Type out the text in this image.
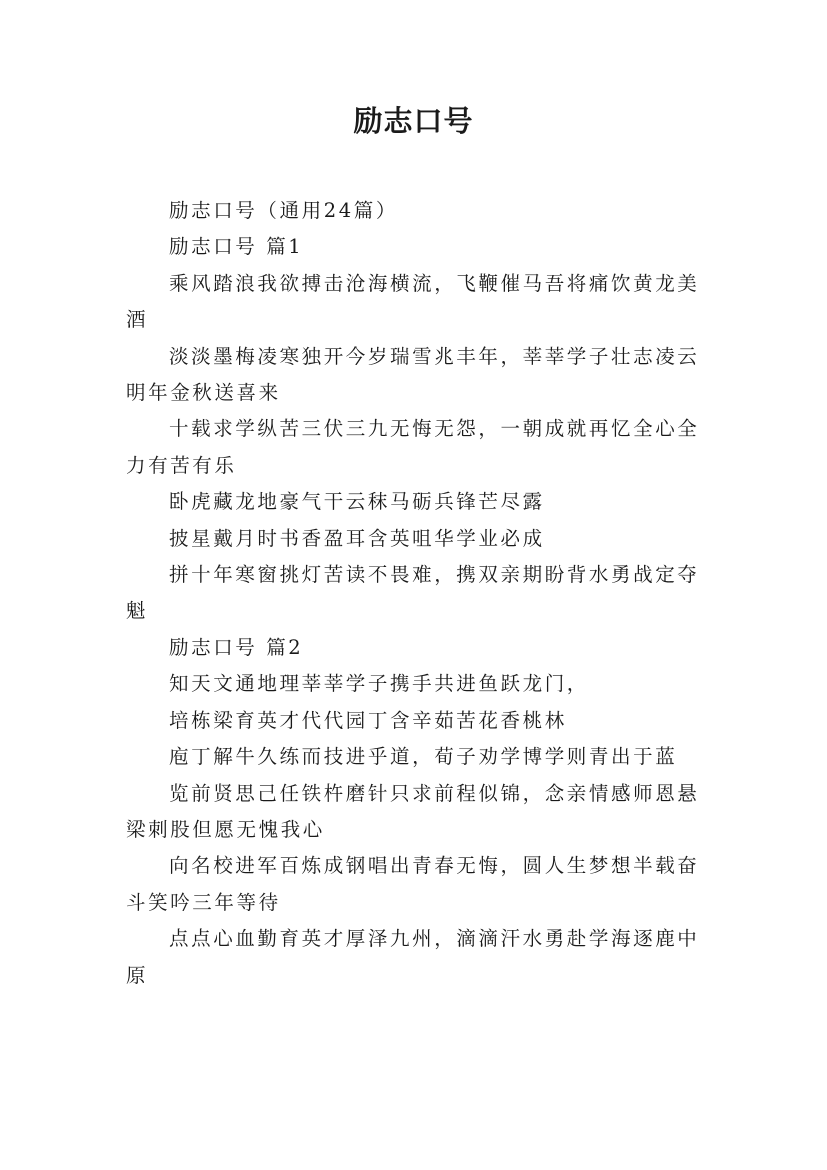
励志口号

励志口号（通用24篇）

励志口号 篇1

乘风踏浪我欲搏击沧海横流，飞鞭催马吾将痛饮黄龙美酒

淡淡墨梅凌寒独开今岁瑞雪兆丰年，莘莘学子壮志凌云明年金秋送喜来

十载求学纵苦三伏三九无悔无怨，一朝成就再忆全心全力有苦有乐

卧虎藏龙地豪气干云秣马砺兵锋芒尽露

披星戴月时书香盈耳含英咀华学业必成

拼十年寒窗挑灯苦读不畏难，携双亲期盼背水勇战定夺魁

励志口号 篇2

知天文通地理莘莘学子携手共进鱼跃龙门，

培栋梁育英才代代园丁含辛茹苦花香桃林

庖丁解牛久练而技进乎道，荀子劝学博学则青出于蓝

览前贤思己任铁杵磨针只求前程似锦，念亲情感师恩悬梁刺股但愿无愧我心

向名校进军百炼成钢唱出青春无悔，圆人生梦想半载奋斗笑吟三年等待

点点心血勤育英才厚泽九州，滴滴汗水勇赴学海逐鹿中原
